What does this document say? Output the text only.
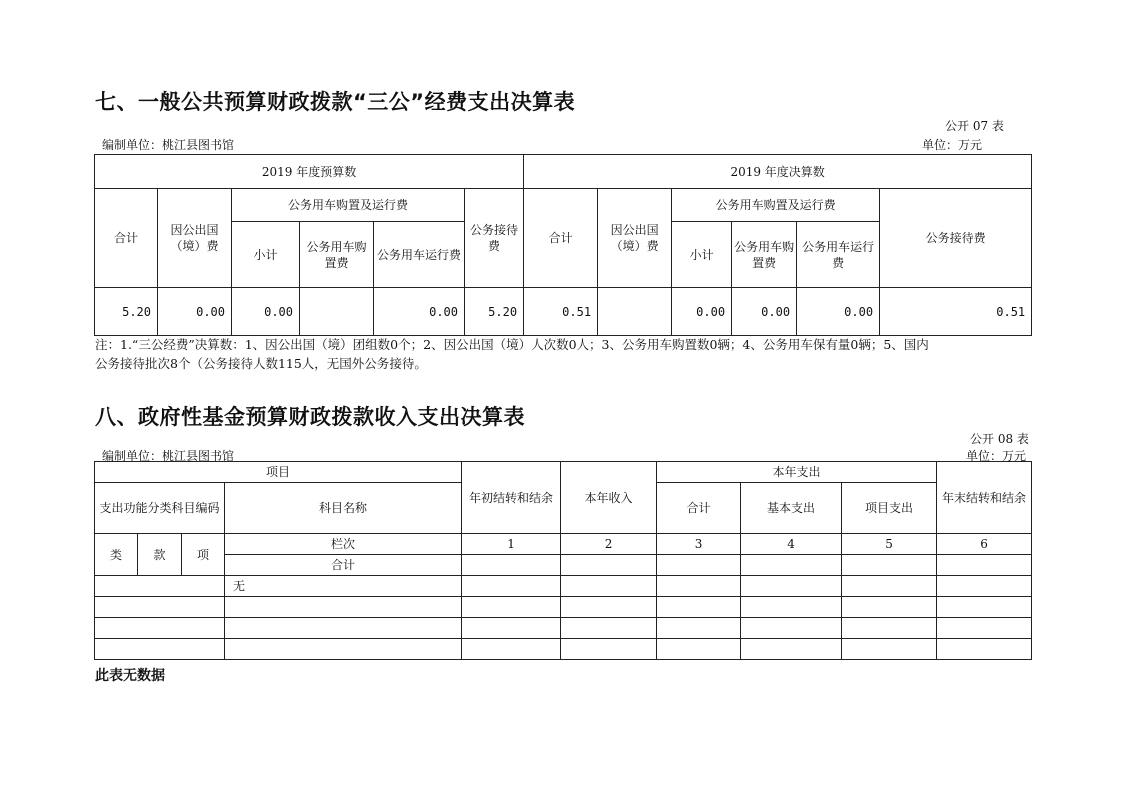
七、一般公共预算财政拨款“三公”经费支出决算表
公开 07 表
编制单位：桃江县图书馆	单位：万元
2019 年度预算数						2019 年度决算数					
合计	因公出国（境）费	公务用车购置及运行费			公务接待费	合计	因公出国（境）费	公务用车购置及运行费			公务接待费
		小计	公务用车购置费	公务用车运行费				小计	公务用车购置费	公务用车运行费	
5.20	0.00	0.00		0.00	5.20	0.51		0.00	0.00	0.00	0.51
注：1.“三公经费”决算数：1、因公出国（境）团组数0个；2、因公出国（境）人次数0人；3、公务用车购置数0辆；4、公务用车保有量0辆；5、国内
公务接待批次8个（公务接待人数115人，无国外公务接待。
八、政府性基金预算财政拨款收入支出决算表
公开 08 表
编制单位：桃江县图书馆	单位：万元
项目				年初结转和结余	本年收入	本年支出			年末结转和结余
支出功能分类科目编码			科目名称			合计	基本支出	项目支出	

类	款	项	栏次	1	2	3	4	5	6
			合计						
			无						

此表无数据
